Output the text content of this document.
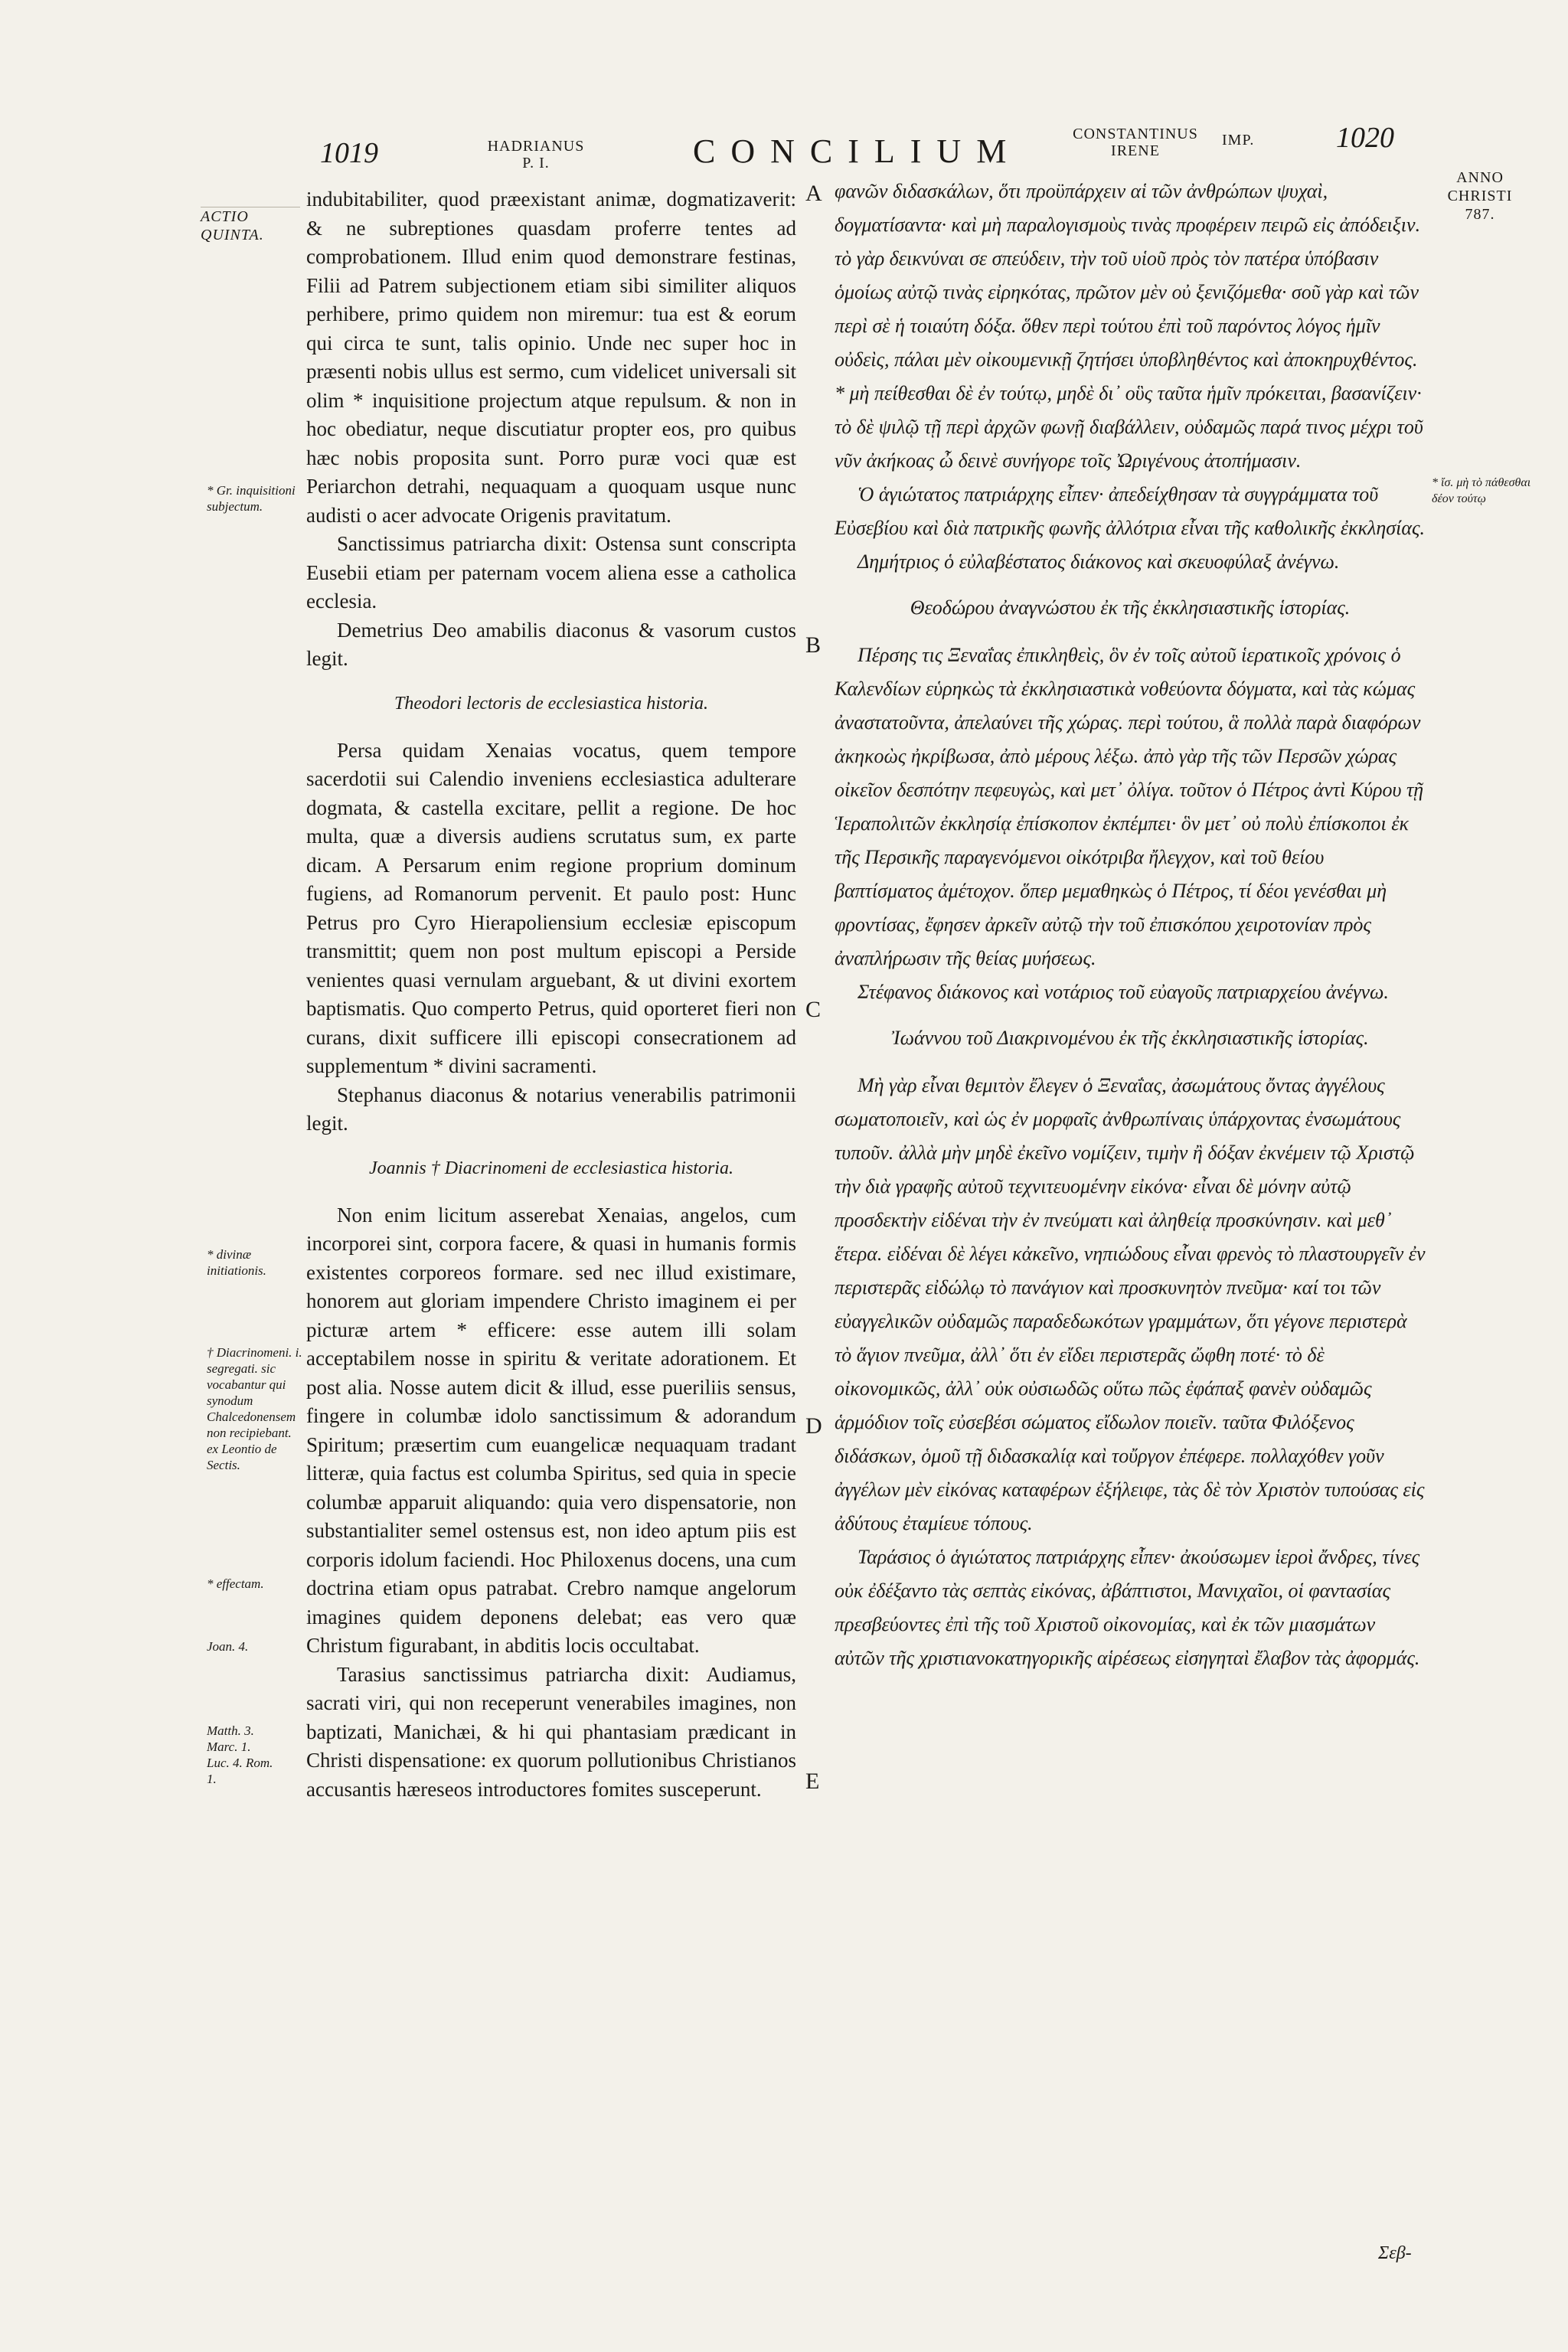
1019	HADRIANUS
P. I.	CONCILIUM	CONSTANTINUS
IRENE
IMP.	1020
ANNO
CHRISTI
787.
ACTIO
QUINTA.
* Gr. inquisitioni subjectum.
* divinæ initiationis.
† Diacrinomeni. i. segregati. sic vocabantur qui synodum Chalcedonensem non recipiebant. ex Leontio de Sectis.
* effectam.
Joan. 4.
Matth. 3. Marc. 1. Luc. 4. Rom. 1.
* ἴσ. μὴ τὸ πάθεσθαι δέον τούτῳ
A
B
C
D
E

indubitabiliter, quod præexistant animæ, dogmatizaverit: & ne subreptiones quasdam proferre tentes ad comprobationem. Illud enim quod demonstrare festinas, Filii ad Patrem subjectionem etiam sibi similiter aliquos perhibere, primo quidem non miremur: tua est & eorum qui circa te sunt, talis opinio. Unde nec super hoc in præsenti nobis ullus est sermo, cum videlicet universali sit olim * inquisitione projectum atque repulsum. & non in hoc obediatur, neque discutiatur propter eos, pro quibus hæc nobis proposita sunt. Porro puræ voci quæ est Periarchon detrahi, nequaquam a quoquam usque nunc audisti o acer advocate Origenis pravitatum.

Sanctissimus patriarcha dixit: Ostensa sunt conscripta Eusebii etiam per paternam vocem aliena esse a catholica ecclesia.

Demetrius Deo amabilis diaconus & vasorum custos legit.

Theodori lectoris de ecclesiastica historia.

Persa quidam Xenaias vocatus, quem tempore sacerdotii sui Calendio inveniens ecclesiastica adulterare dogmata, & castella excitare, pellit a regione. De hoc multa, quæ a diversis audiens scrutatus sum, ex parte dicam. A Persarum enim regione proprium dominum fugiens, ad Romanorum pervenit. Et paulo post: Hunc Petrus pro Cyro Hierapoliensium ecclesiæ episcopum transmittit; quem non post multum episcopi a Perside venientes quasi vernulam arguebant, & ut divini exortem baptismatis. Quo comperto Petrus, quid oporteret fieri non curans, dixit sufficere illi episcopi consecrationem ad supplementum * divini sacramenti.

Stephanus diaconus & notarius venerabilis patrimonii legit.

Joannis † Diacrinomeni de ecclesiastica historia.

Non enim licitum asserebat Xenaias, angelos, cum incorporei sint, corpora facere, & quasi in humanis formis existentes corporeos formare. sed nec illud existimare, honorem aut gloriam impendere Christo imaginem ei per picturæ artem * efficere: esse autem illi solam acceptabilem nosse in spiritu & veritate adorationem. Et post alia. Nosse autem dicit & illud, esse pueriliis sensus, fingere in columbæ idolo sanctissimum & adorandum Spiritum; præsertim cum euangelicæ nequaquam tradant litteræ, quia factus est columba Spiritus, sed quia in specie columbæ apparuit aliquando: quia vero dispensatorie, non substantialiter semel ostensus est, non ideo aptum piis est corporis idolum faciendi. Hoc Philoxenus docens, una cum doctrina etiam opus patrabat. Crebro namque angelorum imagines quidem deponens delebat; eas vero quæ Christum figurabant, in abditis locis occultabat.

Tarasius sanctissimus patriarcha dixit: Audiamus, sacrati viri, qui non receperunt venerabiles imagines, non baptizati, Manichæi, & hi qui phantasiam prædicant in Christi dispensatione: ex quorum pollutionibus Christianos accusantis hæreseos introductores fomites susceperunt.

φανῶν διδασκάλων, ὅτι προϋπάρχειν αἱ τῶν ἀνθρώπων ψυχαὶ, δογματίσαντα· καὶ μὴ παραλογισμοὺς τινὰς προφέρειν πειρῶ εἰς ἀπόδειξιν. τὸ γὰρ δεικνύναι σε σπεύδειν, τὴν τοῦ υἱοῦ πρὸς τὸν πατέρα ὑπόβασιν ὁμοίως αὐτῷ τινὰς εἰρηκότας, πρῶτον μὲν οὐ ξενιζόμεθα· σοῦ γὰρ καὶ τῶν περὶ σὲ ἡ τοιαύτη δόξα. ὅθεν περὶ τούτου ἐπὶ τοῦ παρόντος λόγος ἡμῖν οὐδεὶς, πάλαι μὲν οἰκουμενικῇ ζητήσει ὑποβληθέντος καὶ ἀποκηρυχθέντος. * μὴ πείθεσθαι δὲ ἐν τούτῳ, μηδὲ δι᾽ οὓς ταῦτα ἡμῖν πρόκειται, βασανίζειν· τὸ δὲ ψιλῷ τῇ περὶ ἀρχῶν φωνῇ διαβάλλειν, οὐδαμῶς παρά τινος μέχρι τοῦ νῦν ἀκήκοας ὦ δεινὲ συνήγορε τοῖς Ὠριγένους ἀτοπήμασιν.

Ὁ ἁγιώτατος πατριάρχης εἶπεν· ἀπεδείχθησαν τὰ συγγράμματα τοῦ Εὐσεβίου καὶ διὰ πατρικῆς φωνῆς ἀλλότρια εἶναι τῆς καθολικῆς ἐκκλησίας.

Δημήτριος ὁ εὐλαβέστατος διάκονος καὶ σκευοφύλαξ ἀνέγνω.

Θεοδώρου ἀναγνώστου ἐκ τῆς ἐκκλησιαστικῆς ἱστορίας.

Πέρσης τις Ξεναΐας ἐπικληθεὶς, ὃν ἐν τοῖς αὐτοῦ ἱερατικοῖς χρόνοις ὁ Καλενδίων εὑρηκὼς τὰ ἐκκλησιαστικὰ νοθεύοντα δόγματα, καὶ τὰς κώμας ἀναστατοῦντα, ἀπελαύνει τῆς χώρας. περὶ τούτου, ἃ πολλὰ παρὰ διαφόρων ἀκηκοὼς ἠκρίβωσα, ἀπὸ μέρους λέξω. ἀπὸ γὰρ τῆς τῶν Περσῶν χώρας οἰκεῖον δεσπότην πεφευγὼς, καὶ μετ᾽ ὀλίγα. τοῦτον ὁ Πέτρος ἀντὶ Κύρου τῇ Ἱεραπολιτῶν ἐκκλησίᾳ ἐπίσκοπον ἐκπέμπει· ὃν μετ᾽ οὐ πολὺ ἐπίσκοποι ἐκ τῆς Περσικῆς παραγενόμενοι οἰκότριβα ἤλεγχον, καὶ τοῦ θείου βαπτίσματος ἀμέτοχον. ὅπερ μεμαθηκὼς ὁ Πέτρος, τί δέοι γενέσθαι μὴ φροντίσας, ἔφησεν ἀρκεῖν αὐτῷ τὴν τοῦ ἐπισκόπου χειροτονίαν πρὸς ἀναπλήρωσιν τῆς θείας μυήσεως.

Στέφανος διάκονος καὶ νοτάριος τοῦ εὐαγοῦς πατριαρχείου ἀνέγνω.

Ἰωάννου τοῦ Διακρινομένου ἐκ τῆς ἐκκλησιαστικῆς ἱστορίας.

Μὴ γὰρ εἶναι θεμιτὸν ἔλεγεν ὁ Ξεναΐας, ἀσωμάτους ὄντας ἀγγέλους σωματοποιεῖν, καὶ ὡς ἐν μορφαῖς ἀνθρωπίναις ὑπάρχοντας ἐνσωμάτους τυποῦν. ἀλλὰ μὴν μηδὲ ἐκεῖνο νομίζειν, τιμὴν ἢ δόξαν ἐκνέμειν τῷ Χριστῷ τὴν διὰ γραφῆς αὐτοῦ τεχνιτευομένην εἰκόνα· εἶναι δὲ μόνην αὐτῷ προσδεκτὴν εἰδέναι τὴν ἐν πνεύματι καὶ ἀληθείᾳ προσκύνησιν. καὶ μεθ᾽ ἕτερα. εἰδέναι δὲ λέγει κἀκεῖνο, νηπιώδους εἶναι φρενὸς τὸ πλαστουργεῖν ἐν περιστερᾶς εἰδώλῳ τὸ πανάγιον καὶ προσκυνητὸν πνεῦμα· καί τοι τῶν εὐαγγελικῶν οὐδαμῶς παραδεδωκότων γραμμάτων, ὅτι γέγονε περιστερὰ τὸ ἅγιον πνεῦμα, ἀλλ᾽ ὅτι ἐν εἴδει περιστερᾶς ὤφθη ποτέ· τὸ δὲ οἰκονομικῶς, ἀλλ᾽ οὐκ οὐσιωδῶς οὕτω πῶς ἐφάπαξ φανὲν οὐδαμῶς ἁρμόδιον τοῖς εὐσεβέσι σώματος εἴδωλον ποιεῖν. ταῦτα Φιλόξενος διδάσκων, ὁμοῦ τῇ διδασκαλίᾳ καὶ τοὔργον ἐπέφερε. πολλαχόθεν γοῦν ἀγγέλων μὲν εἰκόνας καταφέρων ἐξήλειφε, τὰς δὲ τὸν Χριστὸν τυπούσας εἰς ἀδύτους ἐταμίευε τόπους.

Ταράσιος ὁ ἁγιώτατος πατριάρχης εἶπεν· ἀκούσωμεν ἱεροὶ ἄνδρες, τίνες οὐκ ἐδέξαντο τὰς σεπτὰς εἰκόνας, ἀβάπτιστοι, Μανιχαῖοι, οἱ φαντασίας πρεσβεύοντες ἐπὶ τῆς τοῦ Χριστοῦ οἰκονομίας, καὶ ἐκ τῶν μιασμάτων αὐτῶν τῆς χριστιανοκατηγορικῆς αἱρέσεως εἰσηγηταὶ ἔλαβον τὰς ἀφορμάς.

Σεβ-
